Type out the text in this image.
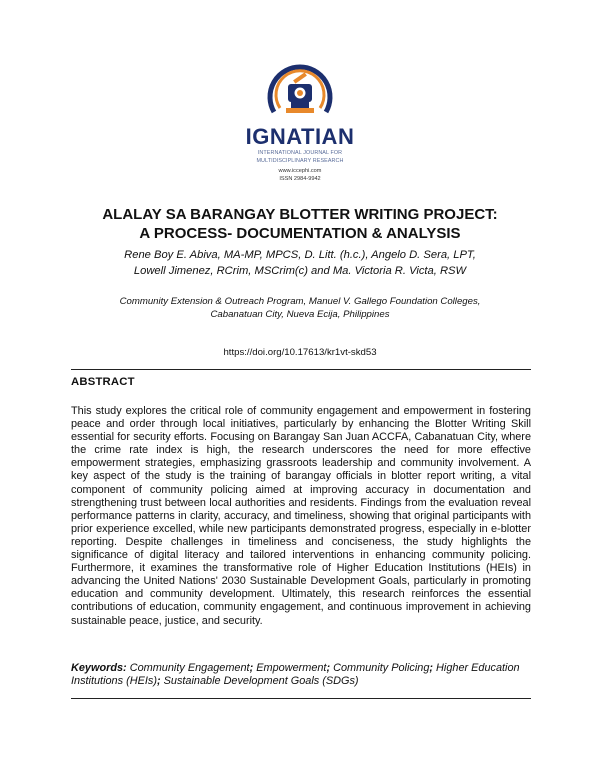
IGNATIAN
INTERNATIONAL JOURNAL FOR
MULTIDISCIPLINARY RESEARCH
www.iccephi.com
ISSN 2984-9942
ALALAY SA BARANGAY BLOTTER WRITING PROJECT:
A PROCESS- DOCUMENTATION & ANALYSIS
Rene Boy E. Abiva, MA-MP, MPCS, D. Litt. (h.c.), Angelo D. Sera, LPT,
Lowell Jimenez, RCrim, MSCrim(c) and Ma. Victoria R. Victa, RSW
Community Extension & Outreach Program, Manuel V. Gallego Foundation Colleges,
Cabanatuan City, Nueva Ecija, Philippines
https://doi.org/10.17613/kr1vt-skd53
ABSTRACT
This study explores the critical role of community engagement and empowerment in fostering peace and order through local initiatives, particularly by enhancing the Blotter Writing Skill essential for security efforts. Focusing on Barangay San Juan ACCFA, Cabanatuan City, where the crime rate index is high, the research underscores the need for more effective empowerment strategies, emphasizing grassroots leadership and community involvement. A key aspect of the study is the training of barangay officials in blotter report writing, a vital component of community policing aimed at improving accuracy in documentation and strengthening trust between local authorities and residents. Findings from the evaluation reveal performance patterns in clarity, accuracy, and timeliness, showing that original participants with prior experience excelled, while new participants demonstrated progress, especially in e-blotter reporting. Despite challenges in timeliness and conciseness, the study highlights the significance of digital literacy and tailored interventions in enhancing community policing. Furthermore, it examines the transformative role of Higher Education Institutions (HEIs) in advancing the United Nations' 2030 Sustainable Development Goals, particularly in promoting education and community development. Ultimately, this research reinforces the essential contributions of education, community engagement, and continuous improvement in achieving sustainable peace, justice, and security.
Keywords: Community Engagement; Empowerment; Community Policing; Higher Education Institutions (HEIs); Sustainable Development Goals (SDGs)
